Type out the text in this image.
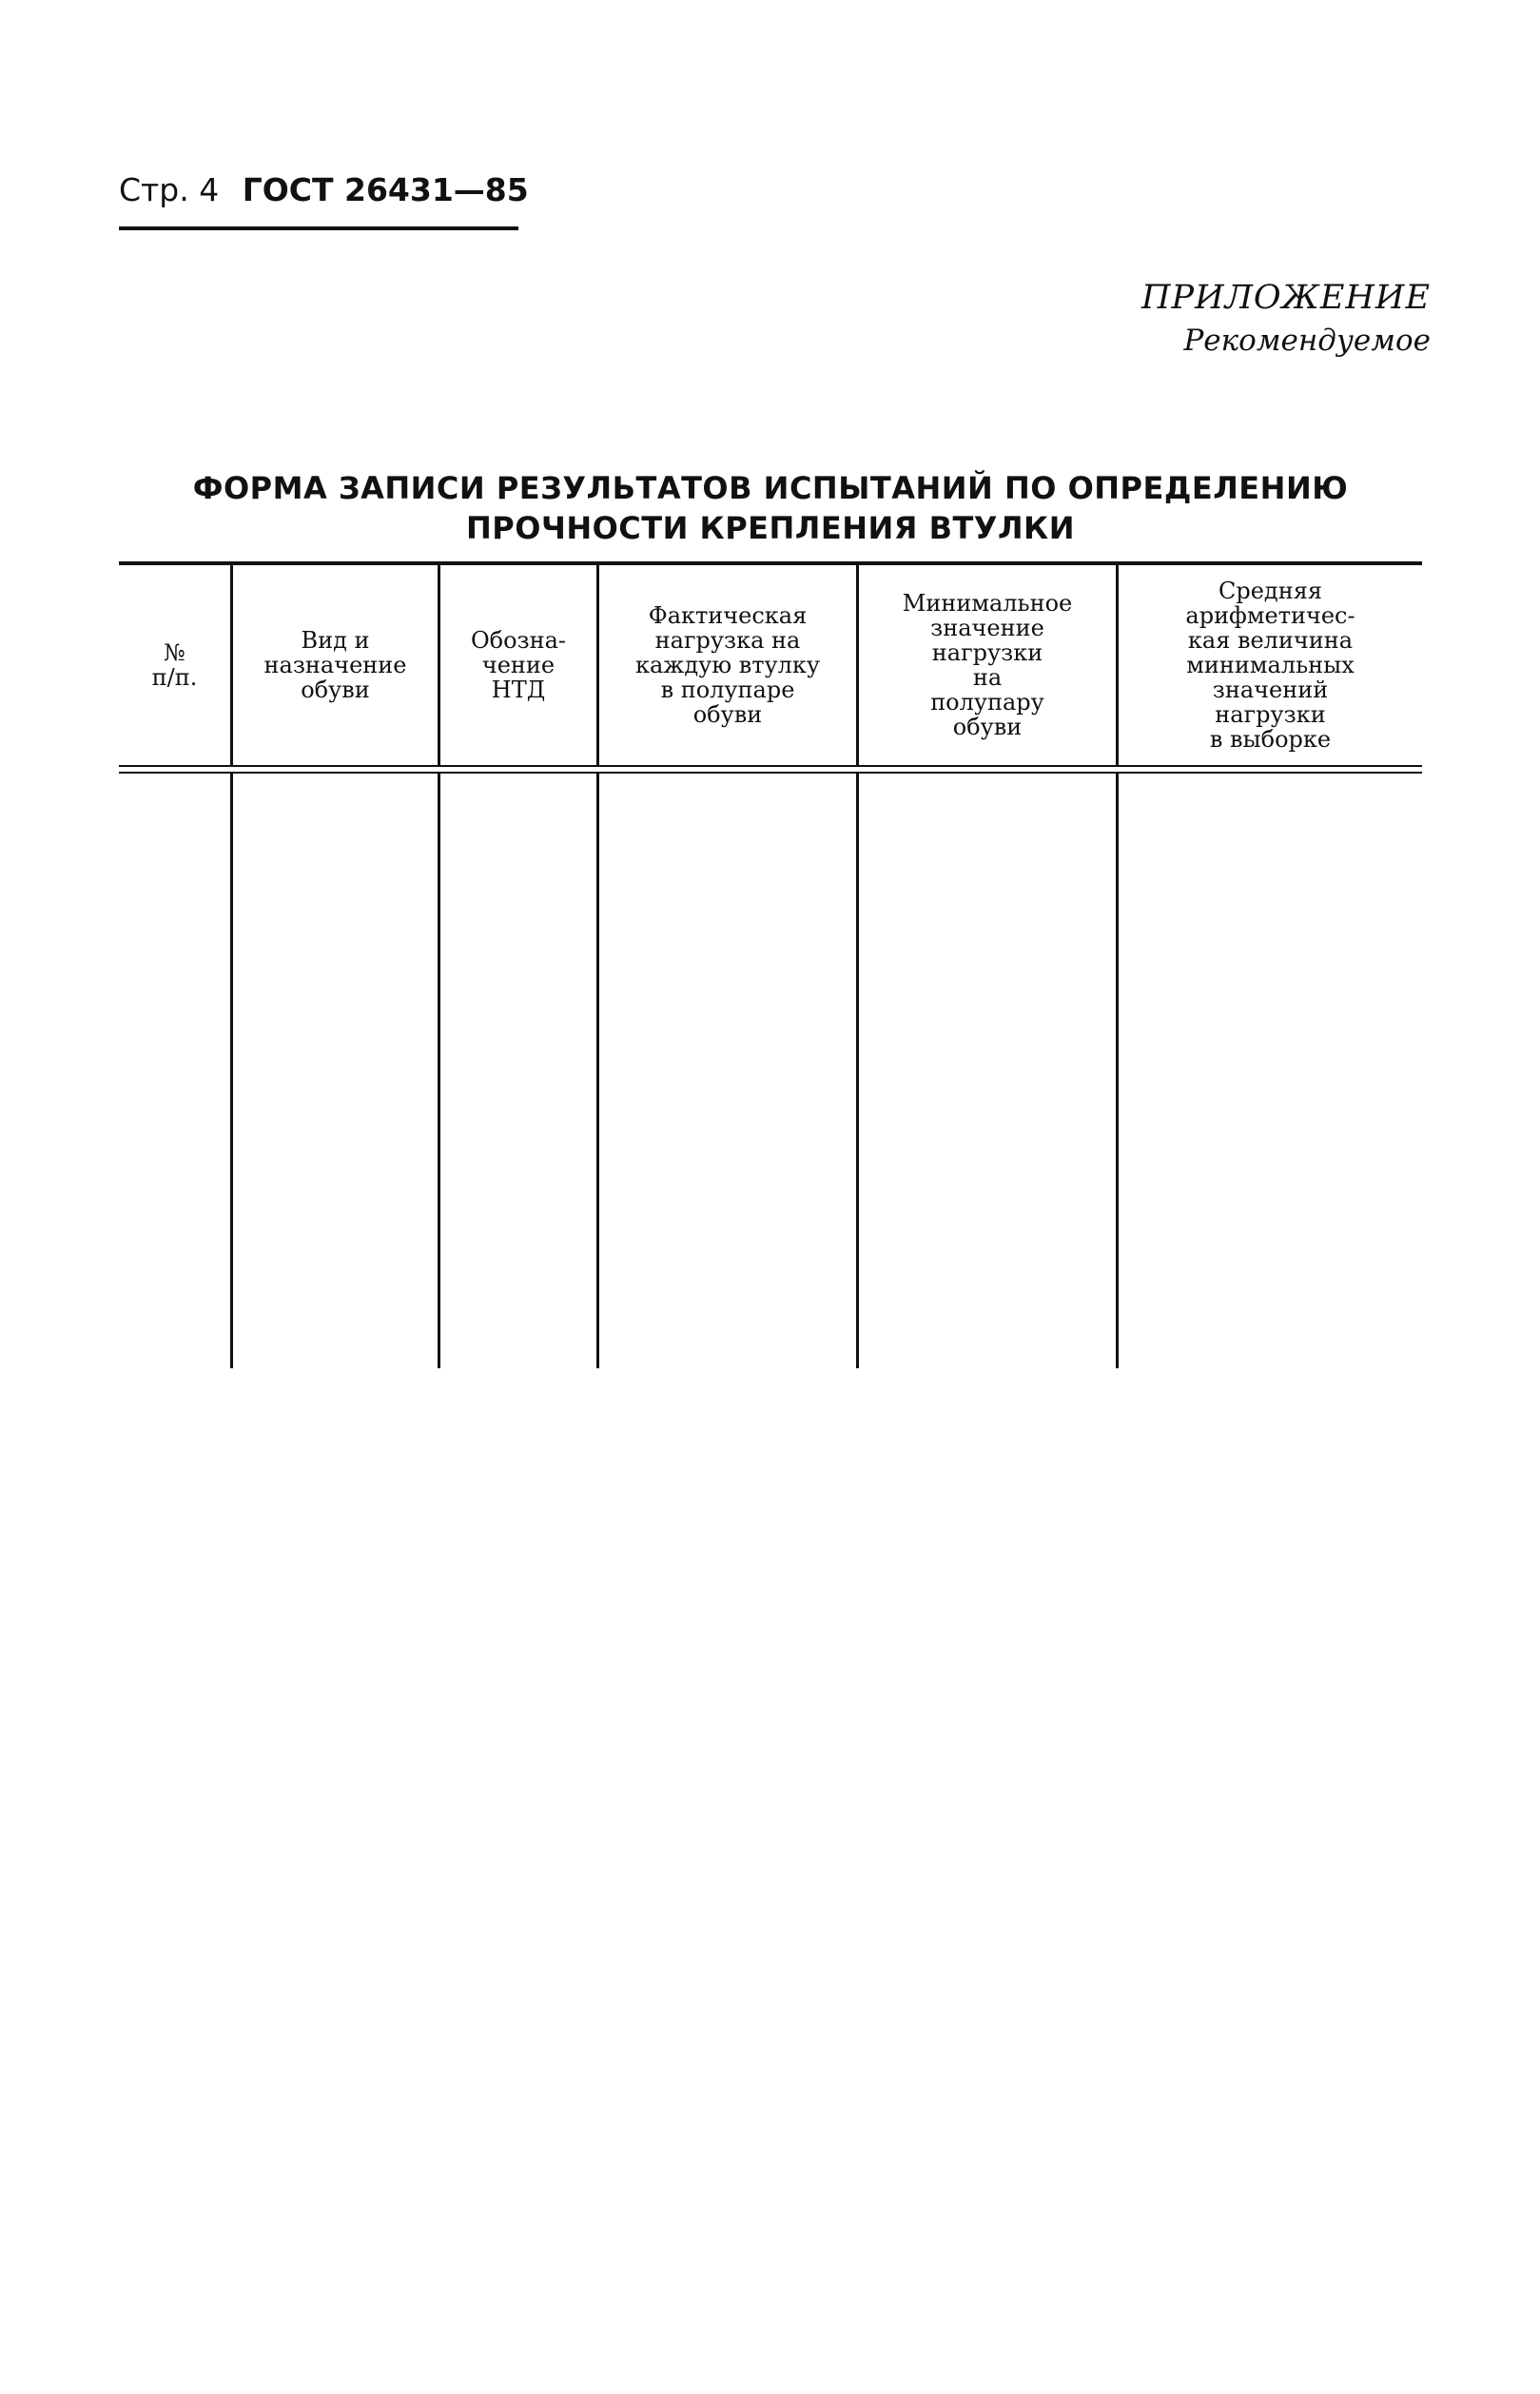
Стр. 4 ГОСТ 26431—85
ПРИЛОЖЕНИЕ
Рекомендуемое
ФОРМА ЗАПИСИ РЕЗУЛЬТАТОВ ИСПЫТАНИЙ ПО ОПРЕДЕЛЕНИЮ
ПРОЧНОСТИ КРЕПЛЕНИЯ ВТУЛКИ
№
п/п.
Вид и
назначение
обуви
Обозна-
чение
НТД
Фактическая
нагрузка на
каждую втулку
в полупаре
обуви
Минимальное
значение
нагрузки
на
полупару
обуви
Средняя
арифметичес-
кая величина
минимальных
значений
нагрузки
в выборке
